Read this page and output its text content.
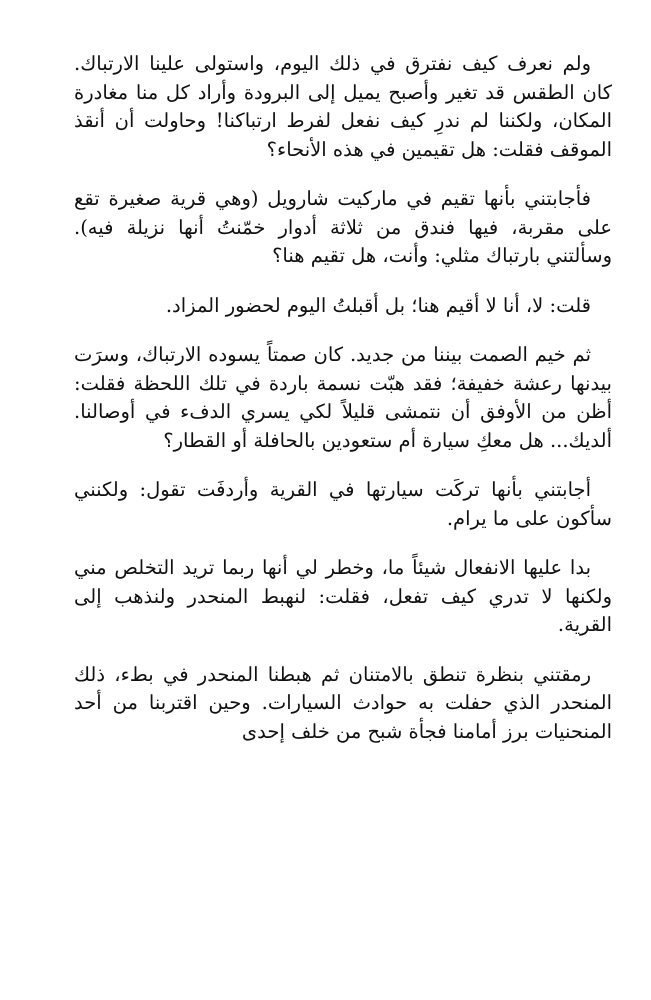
ولم نعرف كيف نفترق في ذلك اليوم، واستولى علينا الارتباك. كان الطقس قد تغير وأصبح يميل إلى البرودة وأراد كل منا مغادرة المكان، ولكننا لم ندرِ كيف نفعل لفرط ارتباكنا! وحاولت أن أنقذ الموقف فقلت: هل تقيمين في هذه الأنحاء؟

فأجابتني بأنها تقيم في ماركيت شارويل (وهي قرية صغيرة تقع على مقربة، فيها فندق من ثلاثة أدوار خمّنتُ أنها نزيلة فيه). وسألتني بارتباك مثلي: وأنت، هل تقيم هنا؟

قلت: لا، أنا لا أقيم هنا؛ بل أقبلتُ اليوم لحضور المزاد.

ثم خيم الصمت بيننا من جديد. كان صمتاً يسوده الارتباك، وسرَت بيدنها رعشة خفيفة؛ فقد هبّت نسمة باردة في تلك اللحظة فقلت: أظن من الأوفق أن نتمشى قليلاً لكي يسري الدفء في أوصالنا. ألديك... هل معكِ سيارة أم ستعودين بالحافلة أو القطار؟

أجابتني بأنها تركَت سيارتها في القرية وأردفَت تقول: ولكنني سأكون على ما يرام.

بدا عليها الانفعال شيئاً ما، وخطر لي أنها ربما تريد التخلص مني ولكنها لا تدري كيف تفعل، فقلت: لنهبط المنحدر ولنذهب إلى القرية.

رمقتني بنظرة تنطق بالامتنان ثم هبطنا المنحدر في بطء، ذلك المنحدر الذي حفلت به حوادث السيارات. وحين اقتربنا من أحد المنحنيات برز أمامنا فجأة شبح من خلف إحدى
